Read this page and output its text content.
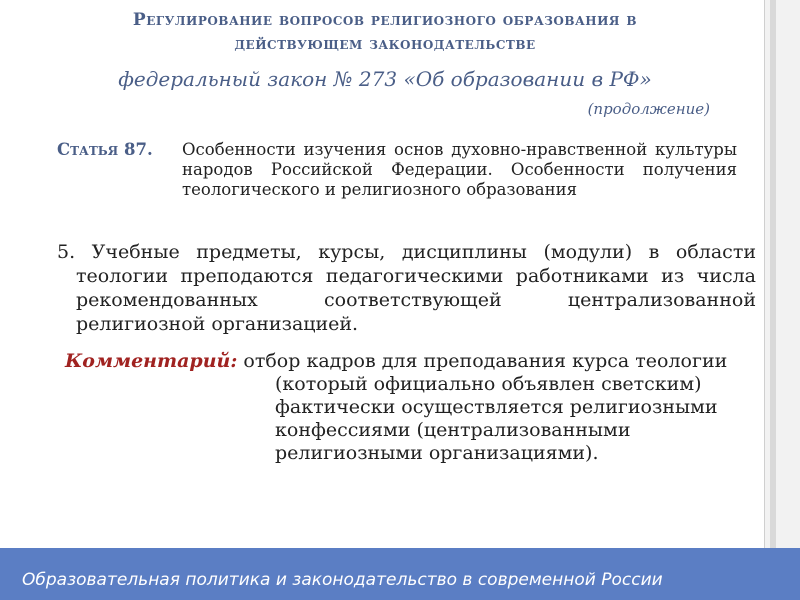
Регулирование вопросов религиозного образования в
действующем законодательстве
федеральный закон № 273 «Об образовании в РФ»
(продолжение)
Статья 87. Особенности изучения основ духовно-нравственной культуры народов Российской Федерации. Особенности получения теологического и религиозного образования
5. Учебные предметы, курсы, дисциплины (модули) в области теологии преподаются педагогическими работниками из числа рекомендованных соответствующей централизованной религиозной организацией.
Комментарий: отбор кадров для преподавания курса теологии (который официально объявлен светским) фактически осуществляется религиозными конфессиями (централизованными религиозными организациями).
Образовательная политика и законодательство в современной России
